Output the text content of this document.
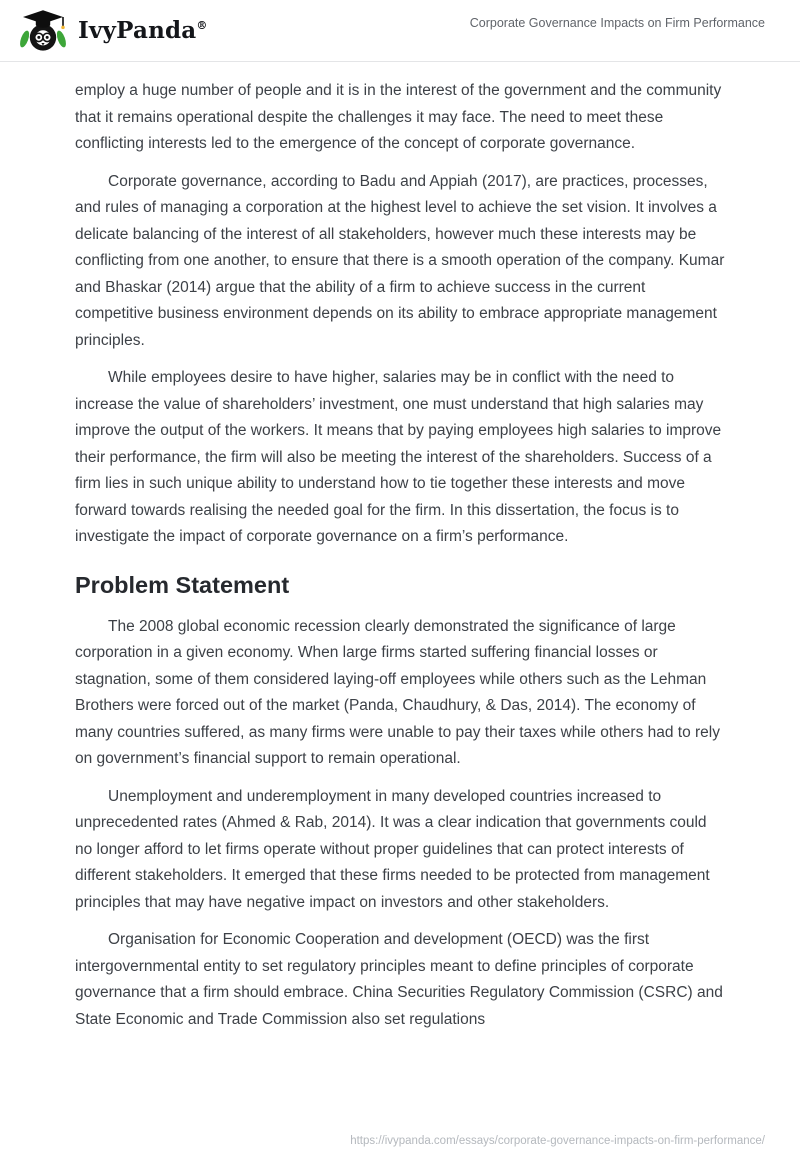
IvyPanda®	Corporate Governance Impacts on Firm Performance

employ a huge number of people and it is in the interest of the government and the community that it remains operational despite the challenges it may face. The need to meet these conflicting interests led to the emergence of the concept of corporate governance.

Corporate governance, according to Badu and Appiah (2017), are practices, processes, and rules of managing a corporation at the highest level to achieve the set vision. It involves a delicate balancing of the interest of all stakeholders, however much these interests may be conflicting from one another, to ensure that there is a smooth operation of the company. Kumar and Bhaskar (2014) argue that the ability of a firm to achieve success in the current competitive business environment depends on its ability to embrace appropriate management principles.

While employees desire to have higher, salaries may be in conflict with the need to increase the value of shareholders’ investment, one must understand that high salaries may improve the output of the workers. It means that by paying employees high salaries to improve their performance, the firm will also be meeting the interest of the shareholders. Success of a firm lies in such unique ability to understand how to tie together these interests and move forward towards realising the needed goal for the firm. In this dissertation, the focus is to investigate the impact of corporate governance on a firm’s performance.

Problem Statement

The 2008 global economic recession clearly demonstrated the significance of large corporation in a given economy. When large firms started suffering financial losses or stagnation, some of them considered laying-off employees while others such as the Lehman Brothers were forced out of the market (Panda, Chaudhury, & Das, 2014). The economy of many countries suffered, as many firms were unable to pay their taxes while others had to rely on government’s financial support to remain operational.

Unemployment and underemployment in many developed countries increased to unprecedented rates (Ahmed & Rab, 2014). It was a clear indication that governments could no longer afford to let firms operate without proper guidelines that can protect interests of different stakeholders. It emerged that these firms needed to be protected from management principles that may have negative impact on investors and other stakeholders.

Organisation for Economic Cooperation and development (OECD) was the first intergovernmental entity to set regulatory principles meant to define principles of corporate governance that a firm should embrace. China Securities Regulatory Commission (CSRC) and State Economic and Trade Commission also set regulations

https://ivypanda.com/essays/corporate-governance-impacts-on-firm-performance/
